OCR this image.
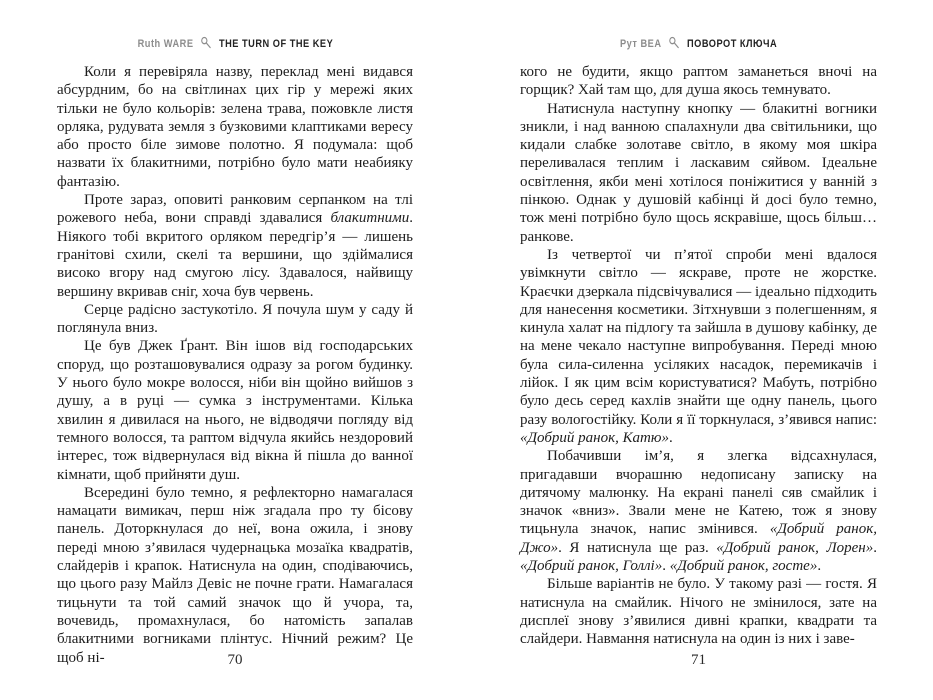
Ruth WARE THE TURN OF THE KEY

Коли я перевіряла назву, переклад мені видався абсурдним, бо на світлинах цих гір у мережі яких тільки не було кольорів: зелена трава, пожовкле листя орляка, рудувата земля з бузковими клаптиками вересу або просто біле зимове полотно. Я подумала: щоб назвати їх блакитними, потрібно було мати неабияку фантазію.

Проте зараз, оповиті ранковим серпанком на тлі рожевого неба, вони справді здавалися блакитними. Ніякого тобі вкритого орляком передгір’я — лишень гранітові схили, скелі та вершини, що здіймалися високо вгору над смугою лісу. Здавалося, найвищу вершину вкривав сніг, хоча був червень.

Серце радісно застукотіло. Я почула шум у саду й поглянула вниз.

Це був Джек Ґрант. Він ішов від господарських споруд, що розташовувалися одразу за рогом будинку. У нього було мокре волосся, ніби він щойно вийшов з душу, а в руці — сумка з інструментами. Кілька хвилин я дивилася на нього, не відводячи погляду від темного волосся, та раптом відчула якийсь нездоровий інтерес, тож відвернулася від вікна й пішла до ванної кімнати, щоб прийняти душ.

Всередині було темно, я рефлекторно намагалася намацати вимикач, перш ніж згадала про ту бісову панель. Доторкнулася до неї, вона ожила, і знову переді мною з’явилася чудернацька мозаїка квадратів, слайдерів і крапок. Натиснула на один, сподіваючись, що цього разу Майлз Девіс не почне грати. Намагалася тицьнути та той самий значок що й учора, та, вочевидь, промахнулася, бо натомість запалав блакитними вогниками плінтус. Нічний режим? Це щоб ні-	70
Рут ВЕА ПОВОРОТ КЛЮЧА

кого не будити, якщо раптом заманеться вночі на горщик? Хай там що, для душа якось темнувато.

Натиснула наступну кнопку — блакитні вогники зникли, і над ванною спалахнули два світильники, що кидали слабке золотаве світло, в якому моя шкіра переливалася теплим і ласкавим сяйвом. Ідеальне освітлення, якби мені хотілося поніжитися у ванній з пінкою. Однак у душовій кабінці й досі було темно, тож мені потрібно було щось яскравіше, щось більш… ранкове.

Із четвертої чи п’ятої спроби мені вдалося увімкнути світло — яскраве, проте не жорстке. Краєчки дзеркала підсвічувалися — ідеально підходить для нанесення косметики. Зітхнувши з полегшенням, я кинула халат на підлогу та зайшла в душову кабінку, де на мене чекало наступне випробування. Переді мною була сила-силенна усіляких насадок, перемикачів і лійок. І як цим всім користуватися? Мабуть, потрібно було десь серед кахлів знайти ще одну панель, цього разу вологостійку. Коли я її торкнулася, з’явився напис: «Добрий ранок, Катю».

Побачивши ім’я, я злегка відсахнулася, пригадавши вчорашню недописану записку на дитячому малюнку. На екрані панелі сяв смайлик і значок «вниз». Звали мене не Катею, тож я знову тицьнула значок, напис змінився. «Добрий ранок, Джо». Я натиснула ще раз. «Добрий ранок, Лорен». «Добрий ранок, Голлі». «Добрий ранок, госте».

Більше варіантів не було. У такому разі — гостя. Я натиснула на смайлик. Нічого не змінилося, зате на дисплеї знову з’явилися дивні крапки, квадрати та слайдери. Навмання натиснула на один із них і заве-

71
